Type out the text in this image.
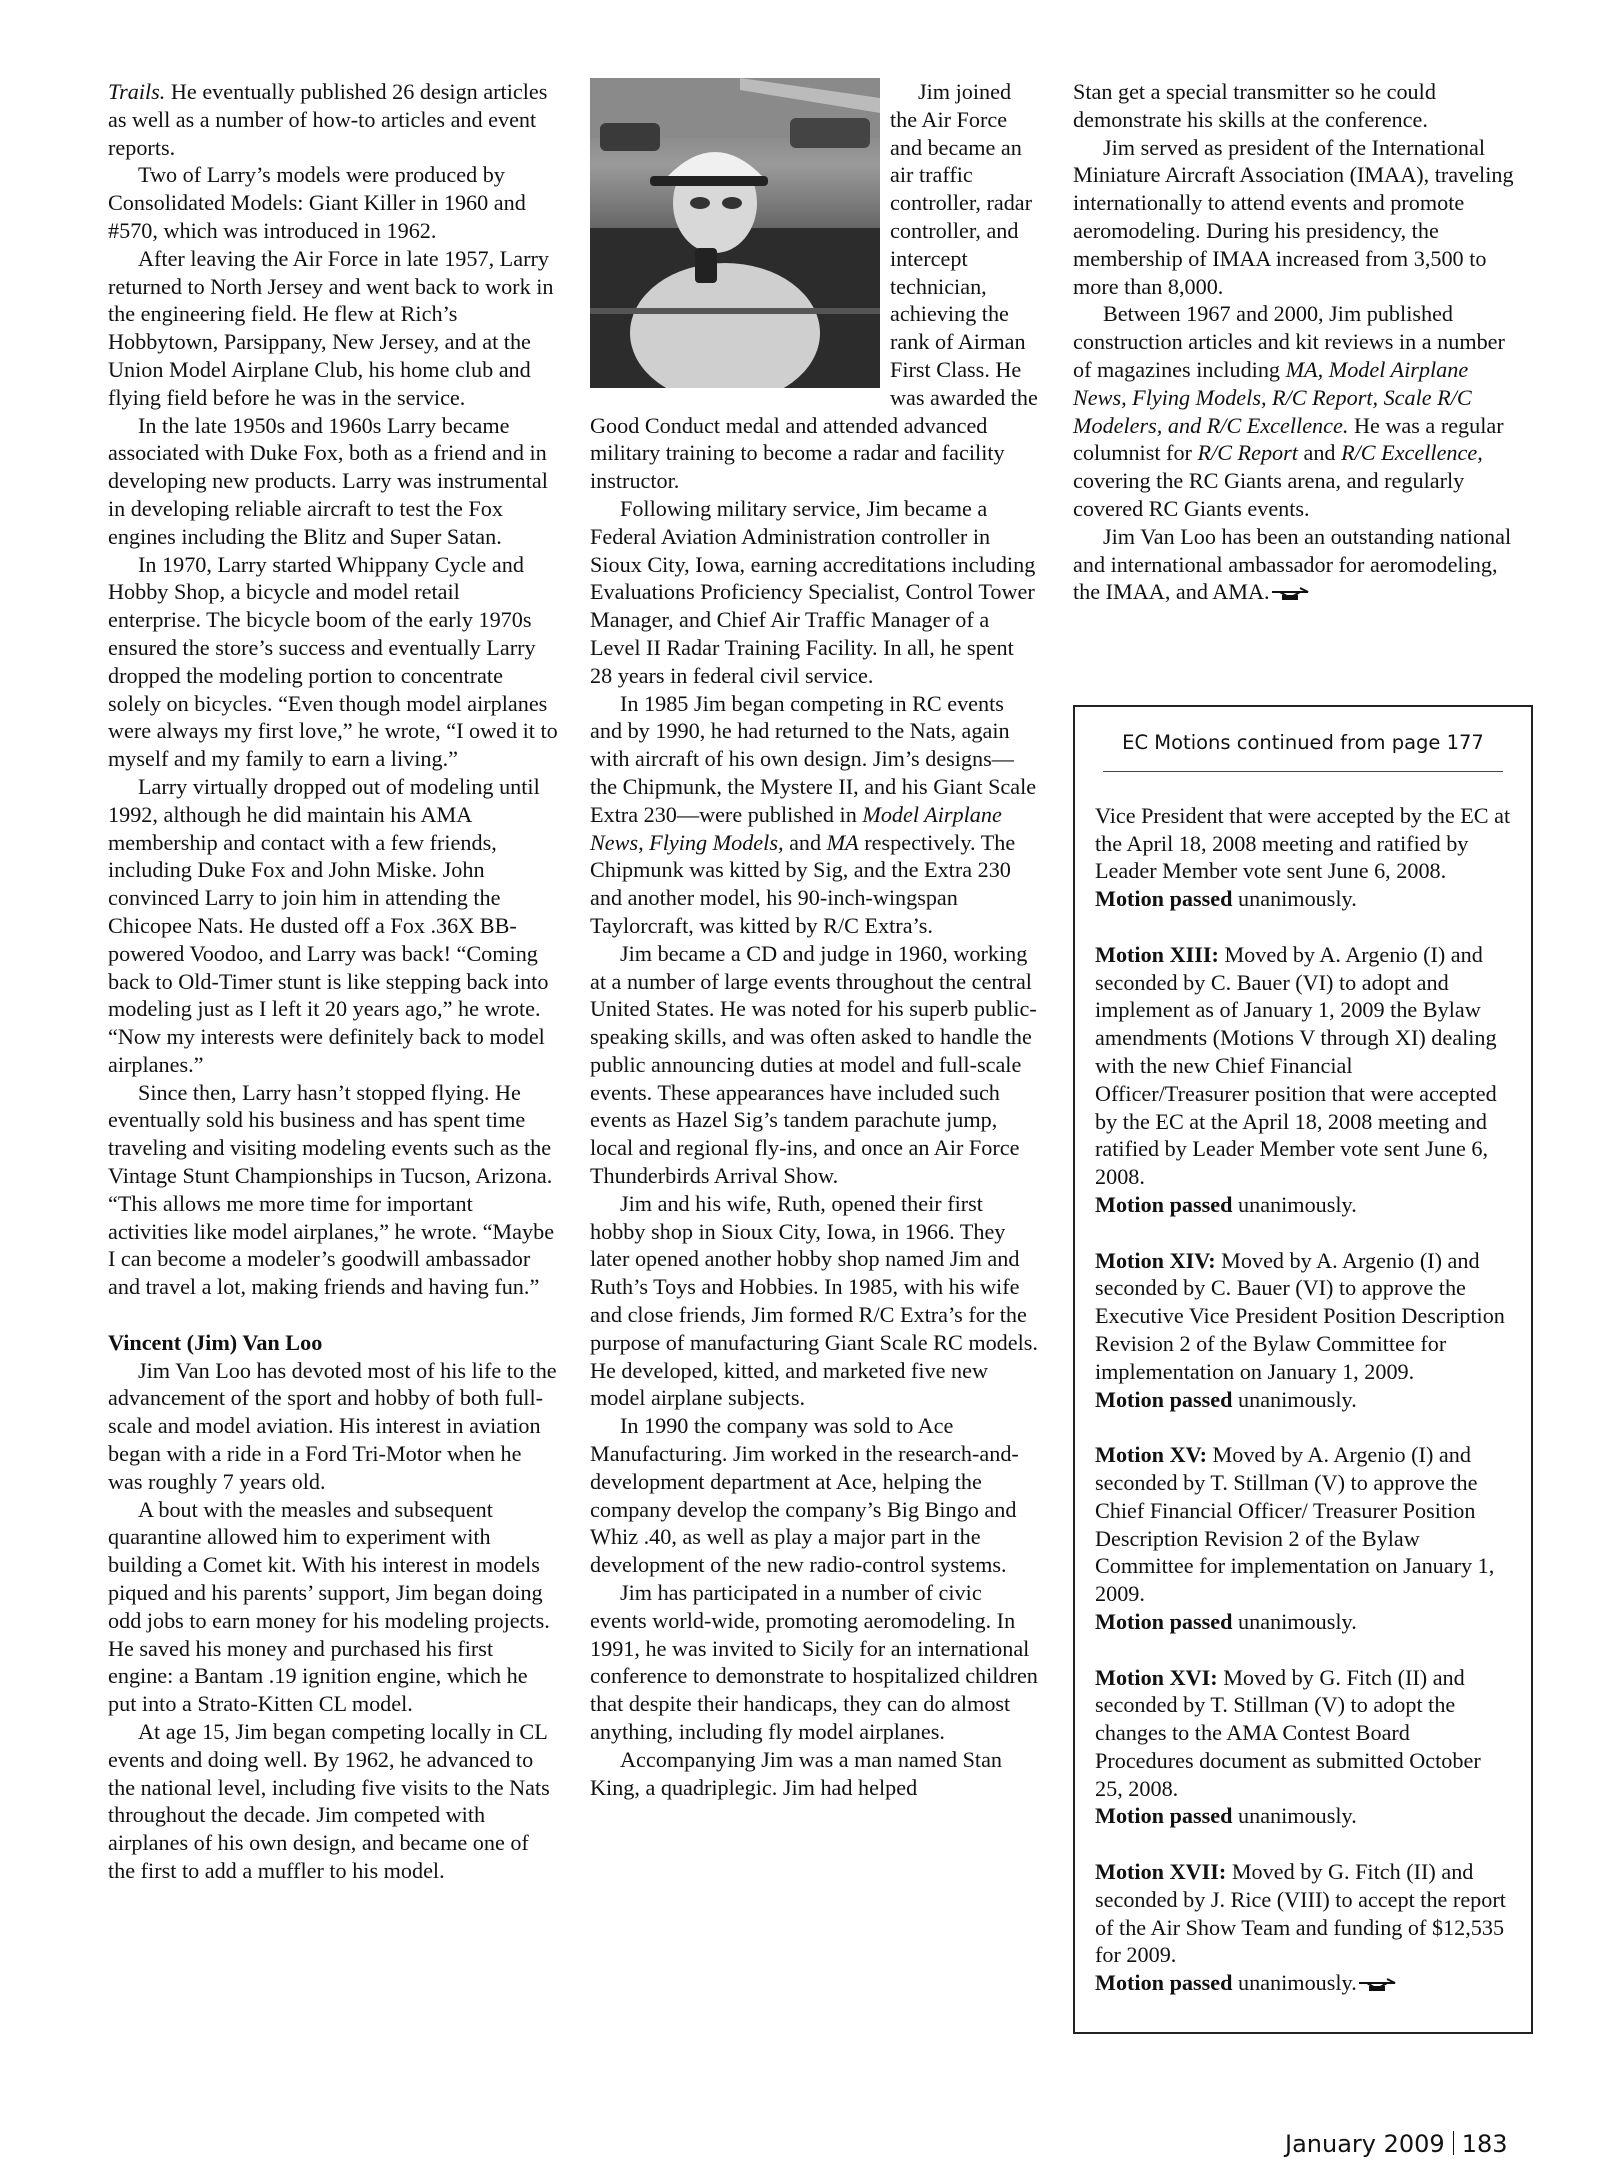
Trails. He eventually published 26 design articles as well as a number of how-to articles and event reports.

Two of Larry’s models were produced by Consolidated Models: Giant Killer in 1960 and #570, which was introduced in 1962.

After leaving the Air Force in late 1957, Larry returned to North Jersey and went back to work in the engineering field. He flew at Rich’s Hobbytown, Parsippany, New Jersey, and at the Union Model Airplane Club, his home club and flying field before he was in the service.

In the late 1950s and 1960s Larry became associated with Duke Fox, both as a friend and in developing new products. Larry was instrumental in developing reliable aircraft to test the Fox engines including the Blitz and Super Satan.

In 1970, Larry started Whippany Cycle and Hobby Shop, a bicycle and model retail enterprise. The bicycle boom of the early 1970s ensured the store’s success and eventually Larry dropped the modeling portion to concentrate solely on bicycles. “Even though model airplanes were always my first love,” he wrote, “I owed it to myself and my family to earn a living.”

Larry virtually dropped out of modeling until 1992, although he did maintain his AMA membership and contact with a few friends, including Duke Fox and John Miske. John convinced Larry to join him in attending the Chicopee Nats. He dusted off a Fox .36X BB-powered Voodoo, and Larry was back! “Coming back to Old-Timer stunt is like stepping back into modeling just as I left it 20 years ago,” he wrote. “Now my interests were definitely back to model airplanes.”

Since then, Larry hasn’t stopped flying. He eventually sold his business and has spent time traveling and visiting modeling events such as the Vintage Stunt Championships in Tucson, Arizona. “This allows me more time for important activities like model airplanes,” he wrote. “Maybe I can become a modeler’s goodwill ambassador and travel a lot, making friends and having fun.”

Vincent (Jim) Van Loo

Jim Van Loo has devoted most of his life to the advancement of the sport and hobby of both full-scale and model aviation. His interest in aviation began with a ride in a Ford Tri-Motor when he was roughly 7 years old.

A bout with the measles and subsequent quarantine allowed him to experiment with building a Comet kit. With his interest in models piqued and his parents’ support, Jim began doing odd jobs to earn money for his modeling projects. He saved his money and purchased his first engine: a Bantam .19 ignition engine, which he put into a Strato-Kitten CL model.

At age 15, Jim began competing locally in CL events and doing well. By 1962, he advanced to the national level, including five visits to the Nats throughout the decade. Jim competed with airplanes of his own design, and became one of the first to add a muffler to his model.

Jim joined the Air Force and became an air traffic controller, radar controller, and intercept technician, achieving the rank of Airman First Class. He was awarded the Good Conduct medal and attended advanced military training to become a radar and facility instructor.

Following military service, Jim became a Federal Aviation Administration controller in Sioux City, Iowa, earning accreditations including Evaluations Proficiency Specialist, Control Tower Manager, and Chief Air Traffic Manager of a Level II Radar Training Facility. In all, he spent 28 years in federal civil service.

In 1985 Jim began competing in RC events and by 1990, he had returned to the Nats, again with aircraft of his own design. Jim’s designs—the Chipmunk, the Mystere II, and his Giant Scale Extra 230—were published in Model Airplane News, Flying Models, and MA respectively. The Chipmunk was kitted by Sig, and the Extra 230 and another model, his 90-inch-wingspan Taylorcraft, was kitted by R/C Extra’s.

Jim became a CD and judge in 1960, working at a number of large events throughout the central United States. He was noted for his superb public-speaking skills, and was often asked to handle the public announcing duties at model and full-scale events. These appearances have included such events as Hazel Sig’s tandem parachute jump, local and regional fly-ins, and once an Air Force Thunderbirds Arrival Show.

Jim and his wife, Ruth, opened their first hobby shop in Sioux City, Iowa, in 1966. They later opened another hobby shop named Jim and Ruth’s Toys and Hobbies. In 1985, with his wife and close friends, Jim formed R/C Extra’s for the purpose of manufacturing Giant Scale RC models. He developed, kitted, and marketed five new model airplane subjects.

In 1990 the company was sold to Ace Manufacturing. Jim worked in the research-and-development department at Ace, helping the company develop the company’s Big Bingo and Whiz .40, as well as play a major part in the development of the new radio-control systems.

Jim has participated in a number of civic events world-wide, promoting aeromodeling. In 1991, he was invited to Sicily for an international conference to demonstrate to hospitalized children that despite their handicaps, they can do almost anything, including fly model airplanes.

Accompanying Jim was a man named Stan King, a quadriplegic. Jim had helped

Stan get a special transmitter so he could demonstrate his skills at the conference.

Jim served as president of the International Miniature Aircraft Association (IMAA), traveling internationally to attend events and promote aeromodeling. During his presidency, the membership of IMAA increased from 3,500 to more than 8,000.

Between 1967 and 2000, Jim published construction articles and kit reviews in a number of magazines including MA, Model Airplane News, Flying Models, R/C Report, Scale R/C Modelers, and R/C Excellence. He was a regular columnist for R/C Report and R/C Excellence, covering the RC Giants arena, and regularly covered RC Giants events.

Jim Van Loo has been an outstanding national and international ambassador for aeromodeling, the IMAA, and AMA.

EC Motions continued from page 177

Vice President that were accepted by the EC at the April 18, 2008 meeting and ratified by Leader Member vote sent June 6, 2008.
Motion passed unanimously.

Motion XIII: Moved by A. Argenio (I) and seconded by C. Bauer (VI) to adopt and implement as of January 1, 2009 the Bylaw amendments (Motions V through XI) dealing with the new Chief Financial Officer/Treasurer position that were accepted by the EC at the April 18, 2008 meeting and ratified by Leader Member vote sent June 6, 2008.
Motion passed unanimously.

Motion XIV: Moved by A. Argenio (I) and seconded by C. Bauer (VI) to approve the Executive Vice President Position Description Revision 2 of the Bylaw Committee for implementation on January 1, 2009.
Motion passed unanimously.

Motion XV: Moved by A. Argenio (I) and seconded by T. Stillman (V) to approve the Chief Financial Officer/ Treasurer Position Description Revision 2 of the Bylaw Committee for implementation on January 1, 2009.
Motion passed unanimously.

Motion XVI: Moved by G. Fitch (II) and seconded by T. Stillman (V) to adopt the changes to the AMA Contest Board Procedures document as submitted October 25, 2008.
Motion passed unanimously.

Motion XVII: Moved by G. Fitch (II) and seconded by J. Rice (VIII) to accept the report of the Air Show Team and funding of $12,535 for 2009.
Motion passed unanimously.

January 2009 183
